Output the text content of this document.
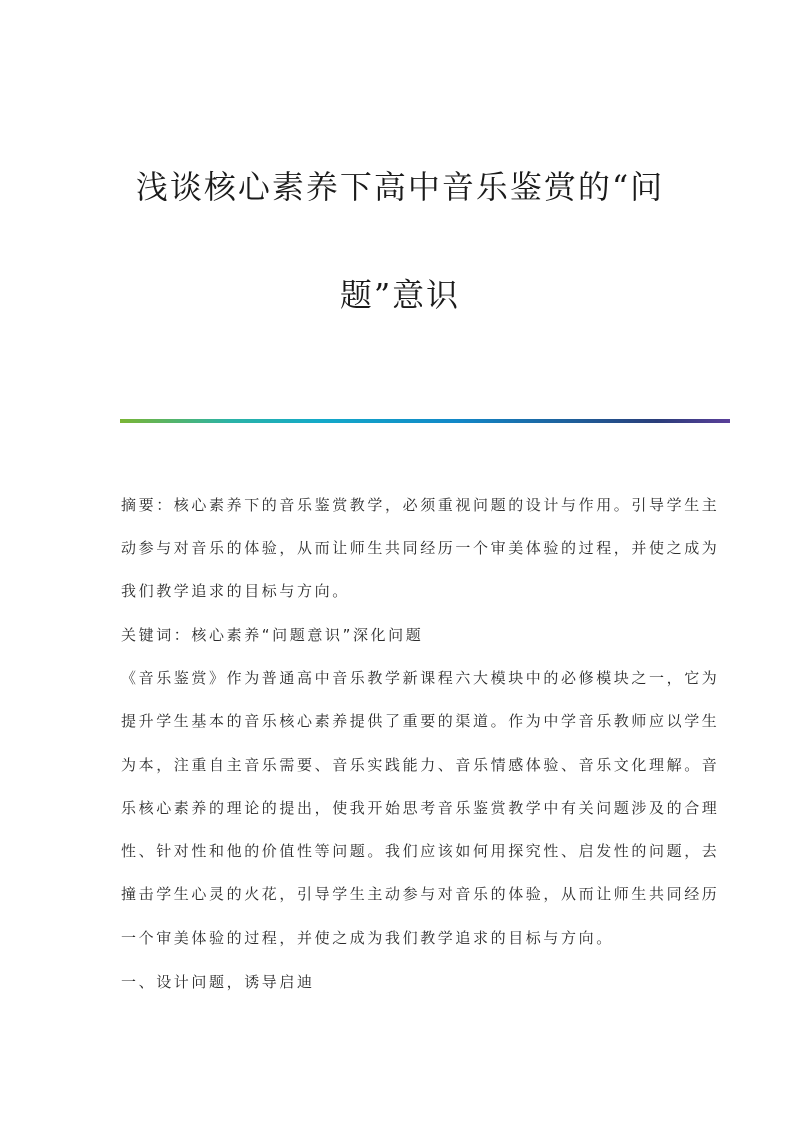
浅谈核心素养下高中音乐鉴赏的“问
题”意识
摘要：核心素养下的音乐鉴赏教学，必须重视问题的设计与作用。引导学生主
动参与对音乐的体验，从而让师生共同经历一个审美体验的过程，并使之成为
我们教学追求的目标与方向。
关键词：核心素养“问题意识”深化问题
《音乐鉴赏》作为普通高中音乐教学新课程六大模块中的必修模块之一，它为
提升学生基本的音乐核心素养提供了重要的渠道。作为中学音乐教师应以学生
为本，注重自主音乐需要、音乐实践能力、音乐情感体验、音乐文化理解。音
乐核心素养的理论的提出，使我开始思考音乐鉴赏教学中有关问题涉及的合理
性、针对性和他的价值性等问题。我们应该如何用探究性、启发性的问题，去
撞击学生心灵的火花，引导学生主动参与对音乐的体验，从而让师生共同经历
一个审美体验的过程，并使之成为我们教学追求的目标与方向。
一、设计问题，诱导启迪
